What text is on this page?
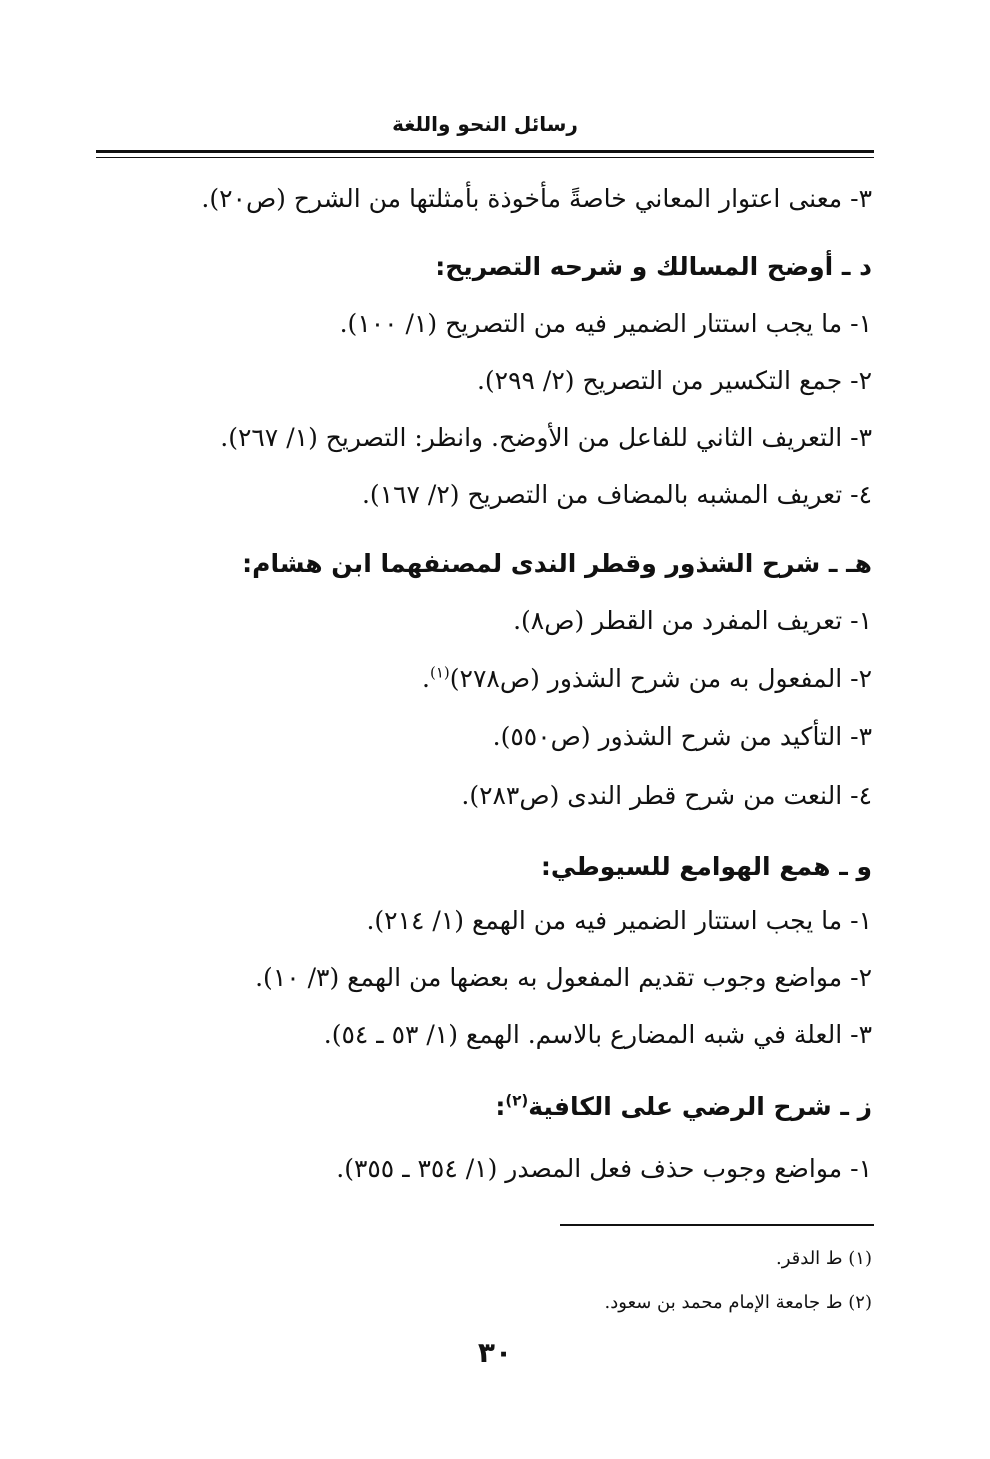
رسائل النحو واللغة
٣- معنى اعتوار المعاني خاصةً مأخوذة بأمثلتها من الشرح (ص٢٠).
د ـ أوضح المسالك و شرحه التصريح:
١- ما يجب استتار الضمير فيه من التصريح (١/ ١٠٠).
٢- جمع التكسير من التصريح (٢/ ٢٩٩).
٣- التعريف الثاني للفاعل من الأوضح. وانظر: التصريح (١/ ٢٦٧).
٤- تعريف المشبه بالمضاف من التصريح (٢/ ١٦٧).
هـ ـ شرح الشذور وقطر الندى لمصنفهما ابن هشام:
١- تعريف المفرد من القطر (ص٨).
٢- المفعول به من شرح الشذور (ص٢٧٨)$^{(١)}$.
٣- التأكيد من شرح الشذور (ص٥٥٠).
٤- النعت من شرح قطر الندى (ص٢٨٣).
و ـ همع الهوامع للسيوطي:
١- ما يجب استتار الضمير فيه من الهمع (١/ ٢١٤).
٢- مواضع وجوب تقديم المفعول به بعضها من الهمع (٣/ ١٠).
٣- العلة في شبه المضارع بالاسم. الهمع (١/ ٥٣ ـ ٥٤).
ز ـ شرح الرضي على الكافية$^{(٢)}$:
١- مواضع وجوب حذف فعل المصدر (١/ ٣٥٤ ـ ٣٥٥).
(١) ط الدقر.
(٢) ط جامعة الإمام محمد بن سعود.
٣٠
